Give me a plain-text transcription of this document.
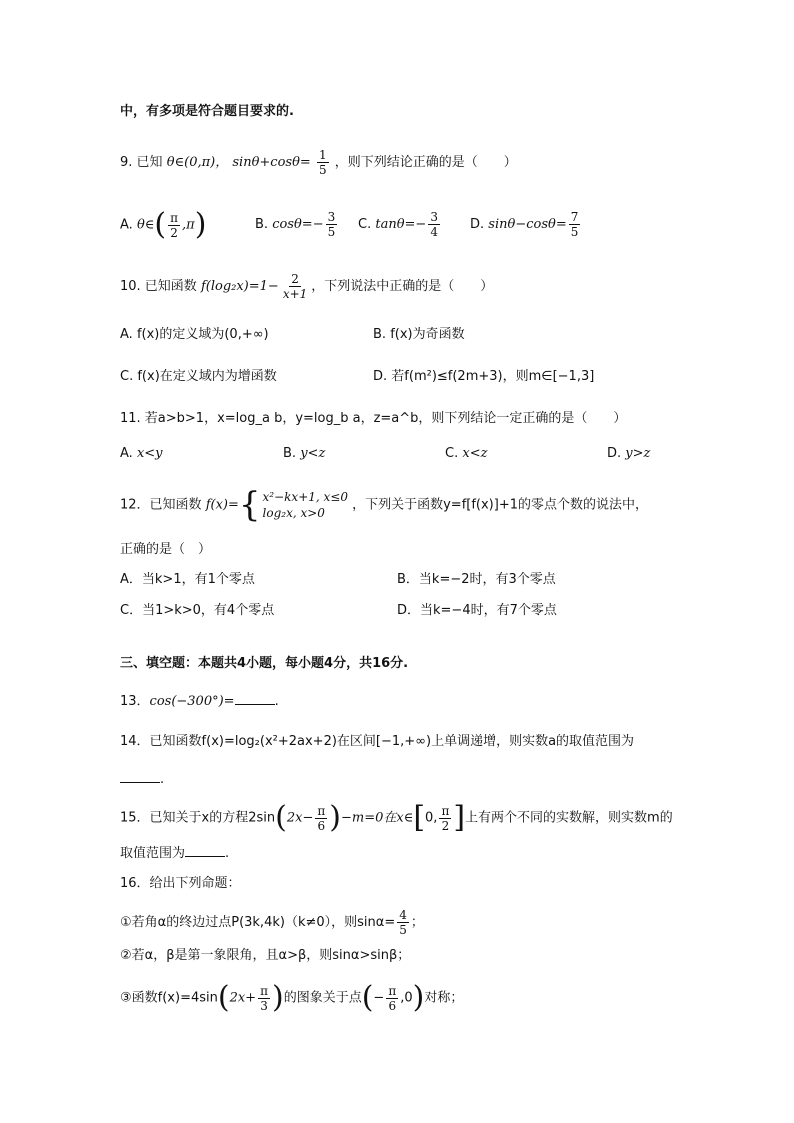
中，有多项是符合题目要求的.
9. 已知 θ∈(0,π)， $\sin\theta+\cos\theta= \frac{1}{5}$ ，则下列结论正确的是（　　）
A. θ∈( $\frac{\pi}{2} ,\pi$)	B. $\cos\theta=- \frac{3}{5} C$. $\tan\theta=- \frac{3}{4} D$. $\sin\theta-\cos\theta= \frac{7}{5}$
10. 已知函数 $f(\log_2x)=1- \frac{2}{x+1}$ ，下列说法中正确的是（　　）
A. f(x)的定义域为(0,+∞)	B. f(x)为奇函数
C. f(x)在定义域内为增函数	D. 若f(m²)≤f(2m+3)，则m∈[−1,3]
11. 若a>b>1，x=log_a b，y=log_b a，z=a^b，则下列结论一定正确的是（　　）
A. x<y	B. y<z	C. x<z	D. y>z
12．已知函数 f(x)= { x²−kx+1, x≤0
log₂x, x>0
，下列关于函数y=f[f(x)]+1的零点个数的说法中，
正确的是（　）
A．当k>1，有1个零点	B．当k=−2时，有3个零点
C．当1>k>0，有4个零点	D．当k=−4时，有7个零点
三、填空题：本题共4小题，每小题4分，共16分.
13．cos(−300°)=	.
14．已知函数f(x)=log₂(x²+2ax+2)在区间[−1,+∞)上单调递增，则实数a的取值范围为
.
15．已知关于x的方程$2\sin(2x- \frac{\pi}{6} )-m=0$在x∈[0, $\frac{\pi}{2}$ ]上有两个不同的实数解，则实数m的
取值范围为	.
16．给出下列命题：
①若角α的终边过点P(3k,4k)（k≠0），则$\sin\alpha= \frac{4}{5}$ ；
②若α，β是第一象限角，且α>β，则sinα>sinβ；
③函数$f(x)=4\sin(2x+ \frac{\pi}{3}$ )的图象关于点(− $\frac{\pi}{6} ,0$)对称；
